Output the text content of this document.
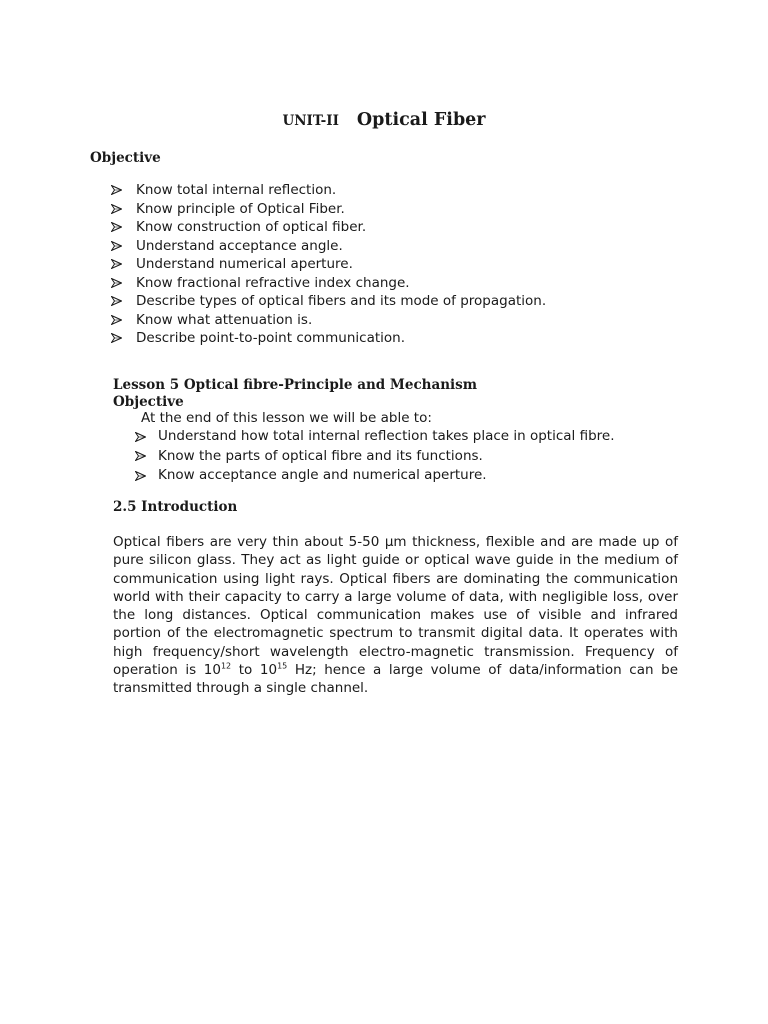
UNIT-II Optical Fiber
Objective
Know total internal reflection.
Know principle of Optical Fiber.
Know construction of optical fiber.
Understand acceptance angle.
Understand numerical aperture.
Know fractional refractive index change.
Describe types of optical fibers and its mode of propagation.
Know what attenuation is.
Describe point-to-point communication.
Lesson 5 Optical fibre-Principle and Mechanism
Objective
At the end of this lesson we will be able to:
Understand how total internal reflection takes place in optical fibre.
Know the parts of optical fibre and its functions.
Know acceptance angle and numerical aperture.
2.5 Introduction

Optical fibers are very thin about 5-50 µm thickness, flexible and are made up of pure silicon glass. They act as light guide or optical wave guide in the medium of communication using light rays. Optical fibers are dominating the communication world with their capacity to carry a large volume of data, with negligible loss, over the long distances. Optical communication makes use of visible and infrared portion of the electromagnetic spectrum to transmit digital data. It operates with high frequency/short wavelength electro-magnetic transmission. Frequency of operation is $10^{12}$ to $10^{15}$ Hz; hence a large volume of data/information can be transmitted through a single channel.
